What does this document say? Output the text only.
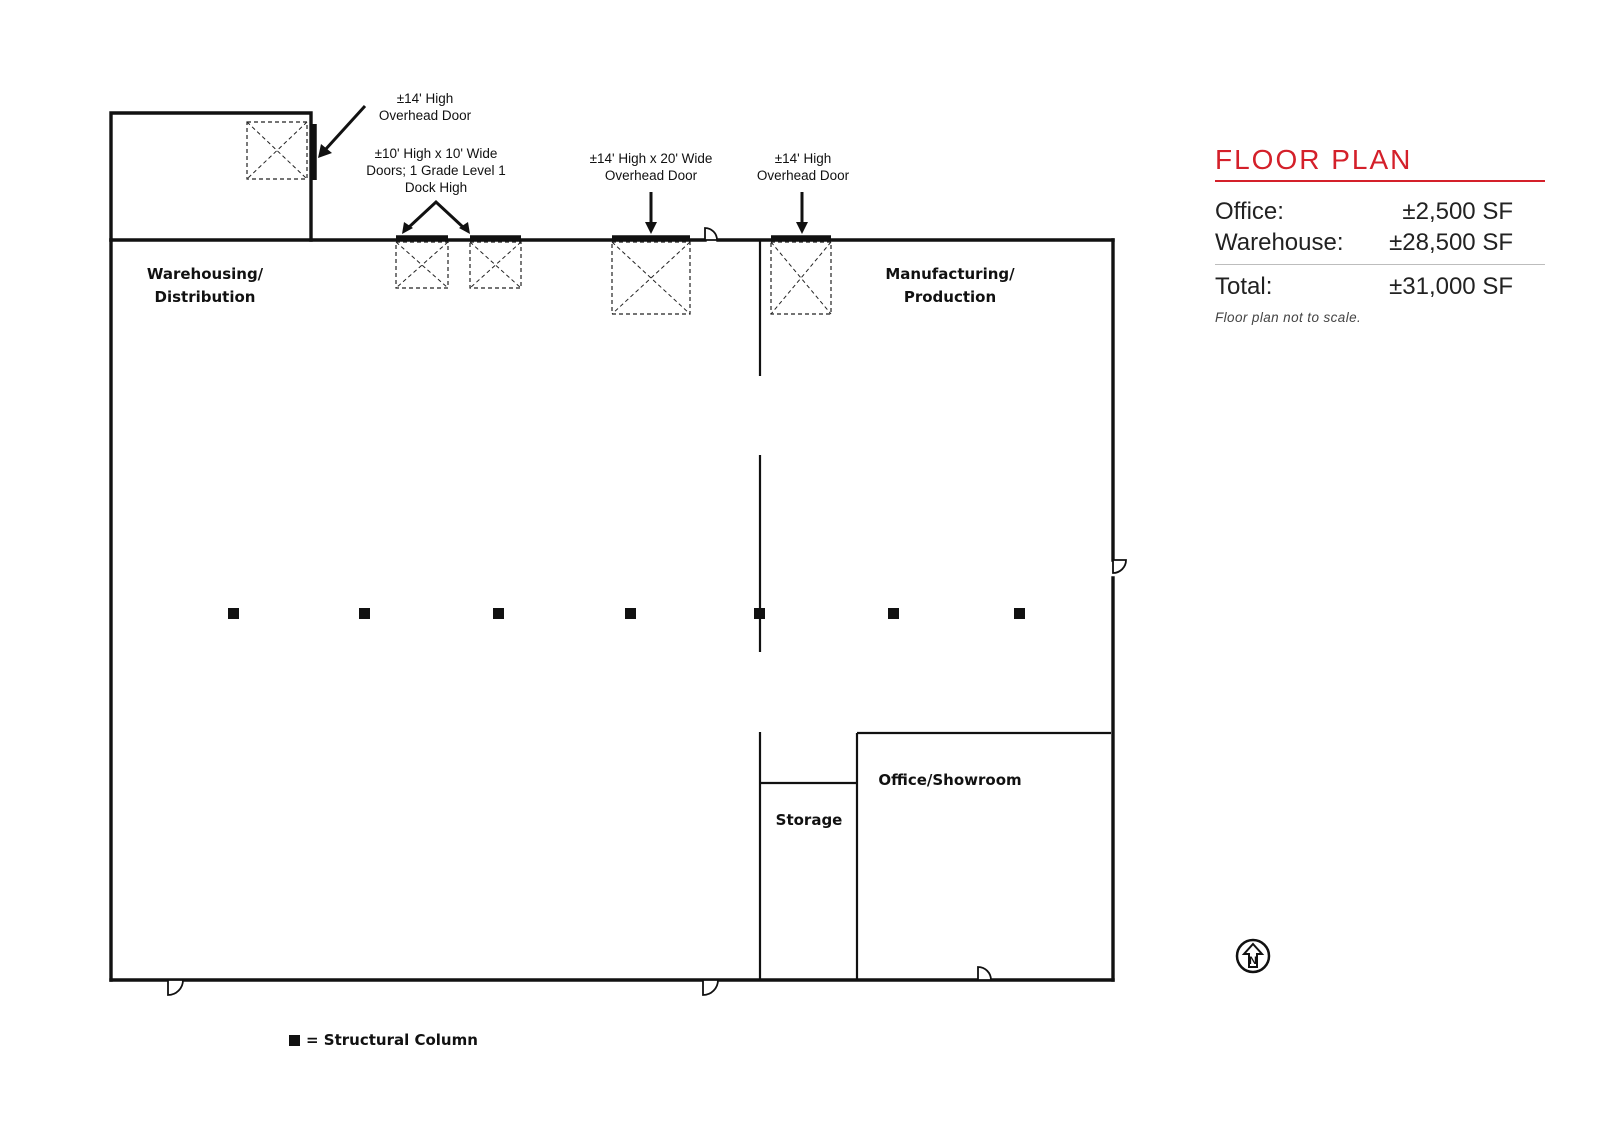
±14' High
Overhead Door
±10' High x 10' Wide
Doors; 1 Grade Level 1
Dock High
±14' High x 20' Wide
Overhead Door
±14' High
Overhead Door
Warehousing/
Distribution
Manufacturing/
Production
Office/Showroom
Storage
= Structural Column
FLOOR PLAN
Office:	±2,500 SF
Warehouse: ±28,500 SF
Total:	±31,000 SF
Floor plan not to scale.
N
